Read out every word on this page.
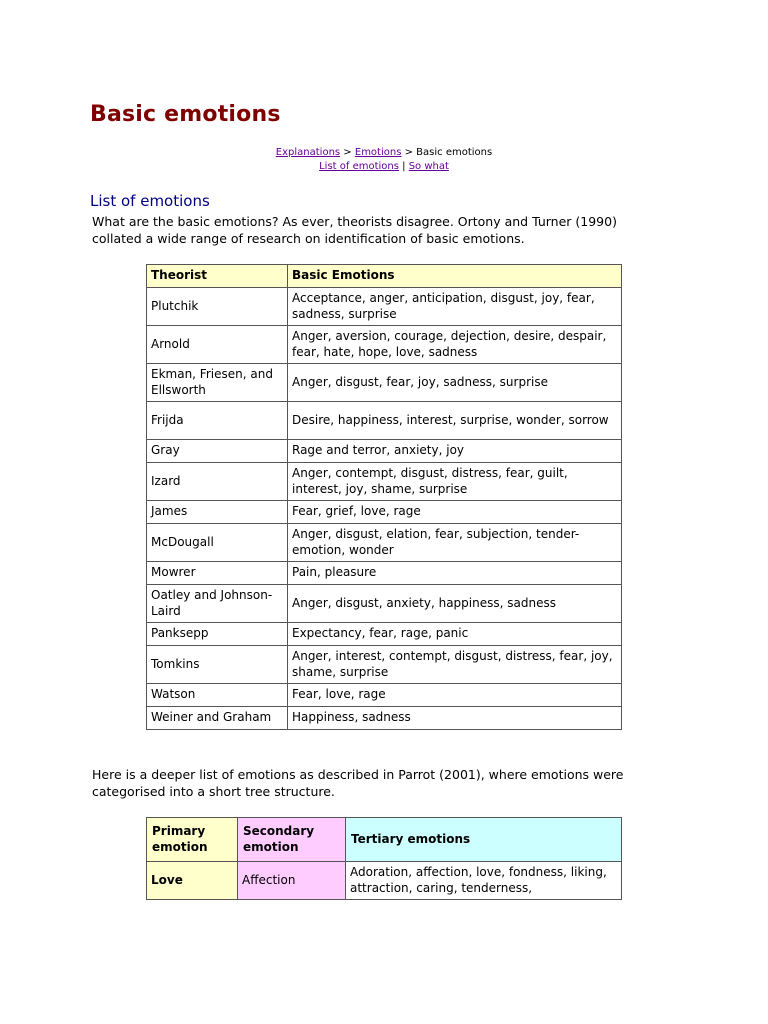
Basic emotions
Explanations > Emotions > Basic emotions
List of emotions | So what
List of emotions

What are the basic emotions? As ever, theorists disagree. Ortony and Turner (1990) collated a wide range of research on identification of basic emotions.

Theorist	Basic Emotions
Plutchik	Acceptance, anger, anticipation, disgust, joy, fear, sadness, surprise
Arnold	Anger, aversion, courage, dejection, desire, despair, fear, hate, hope, love, sadness
Ekman, Friesen, and Ellsworth	Anger, disgust, fear, joy, sadness, surprise
Frijda	Desire, happiness, interest, surprise, wonder, sorrow
Gray	Rage and terror, anxiety, joy
Izard	Anger, contempt, disgust, distress, fear, guilt, interest, joy, shame, surprise
James	Fear, grief, love, rage
McDougall	Anger, disgust, elation, fear, subjection, tender-emotion, wonder
Mowrer	Pain, pleasure
Oatley and Johnson-Laird	Anger, disgust, anxiety, happiness, sadness
Panksepp	Expectancy, fear, rage, panic
Tomkins	Anger, interest, contempt, disgust, distress, fear, joy, shame, surprise
Watson	Fear, love, rage
Weiner and Graham	Happiness, sadness

Here is a deeper list of emotions as described in Parrot (2001), where emotions were categorised into a short tree structure.

Primary emotion	Secondary emotion	Tertiary emotions
Love	Affection	Adoration, affection, love, fondness, liking, attraction, caring, tenderness,
